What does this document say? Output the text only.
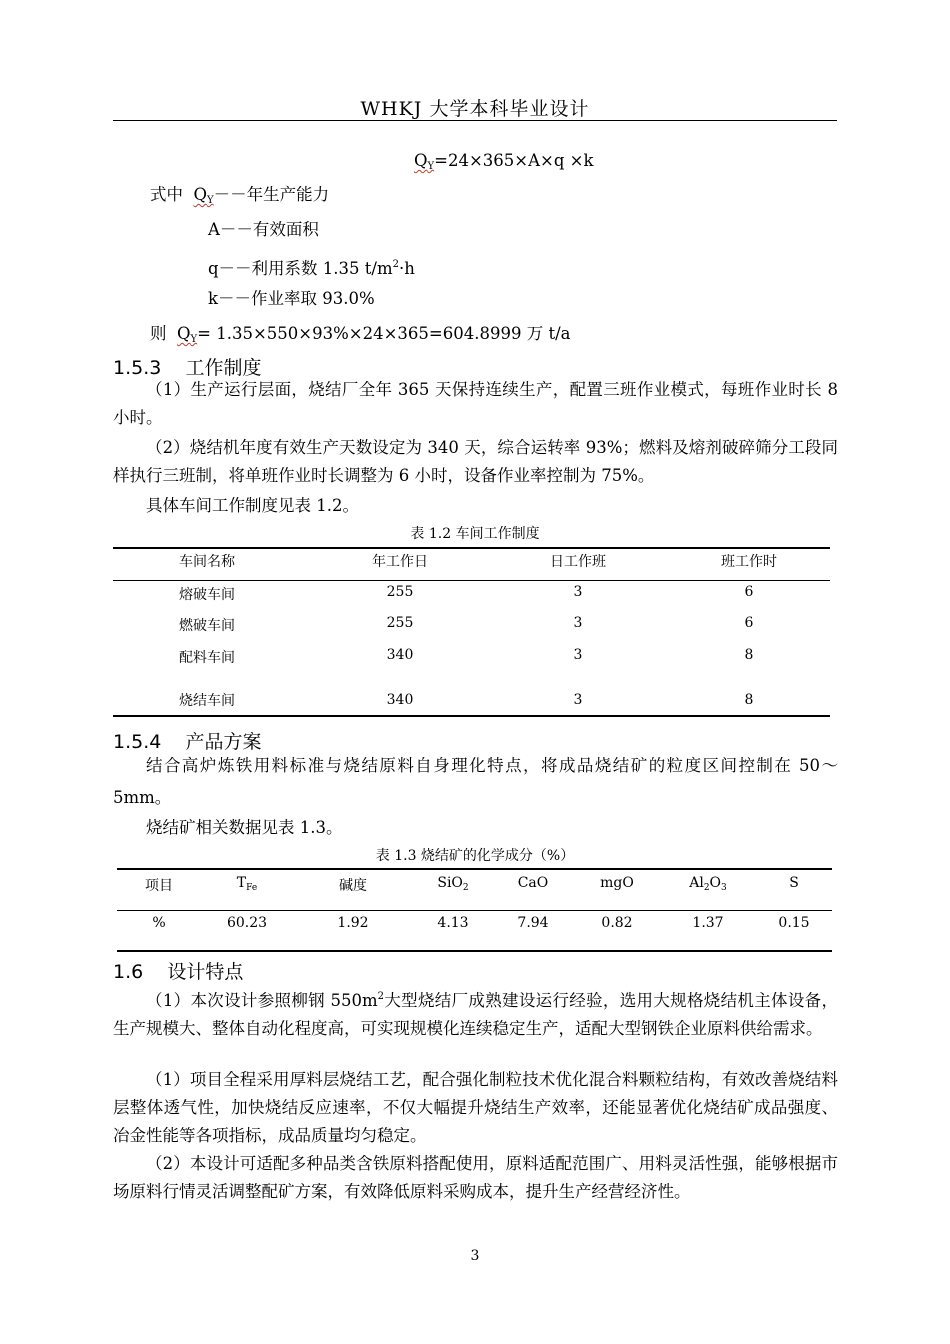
WHKJ 大学本科毕业设计
$Q_Y=24\times 365\times A\times q \times k$
式中 $Q_Y--$年生产能力
A－－有效面积
q－－利用系数 1.35 $t/m^2\cdot h$
k－－作业率取 93.0%
则 $Q_Y= 1.35\times 550\times 93\%\times 24\times 365=604.8999$ 万 t/a
1.5.3 工作制度
（1）生产运行层面，烧结厂全年 365 天保持连续生产，配置三班作业模式，每班作业时长 8 小时。
（2）烧结机年度有效生产天数设定为 340 天，综合运转率 93%；燃料及熔剂破碎筛分工段同样执行三班制，将单班作业时长调整为 6 小时，设备作业率控制为 75%。
具体车间工作制度见表 1.2。
表 1.2 车间工作制度
车间名称	年工作日	日工作班	班工作时
熔破车间	255	3	6
燃破车间	255	3	6
配料车间	340	3	8
烧结车间	340	3	8
1.5.4 产品方案
结合高炉炼铁用料标准与烧结原料自身理化特点，将成品烧结矿的粒度区间控制在 50～5mm。
烧结矿相关数据见表 1.3。
表 1.3 烧结矿的化学成分（%）
项目	$T_{Fe}$	碱度	SiO$_2$	CaO	mgO	$Al_2O_3$	S
%	60.23	1.92	4.13	7.94	0.82	1.37	0.15
1.6 设计特点
（1）本次设计参照柳钢 $550m^2$大型烧结厂成熟建设运行经验，选用大规格烧结机主体设备，生产规模大、整体自动化程度高，可实现规模化连续稳定生产，适配大型钢铁企业原料供给需求。
（1）项目全程采用厚料层烧结工艺，配合强化制粒技术优化混合料颗粒结构，有效改善烧结料层整体透气性，加快烧结反应速率，不仅大幅提升烧结生产效率，还能显著优化烧结矿成品强度、冶金性能等各项指标，成品质量均匀稳定。
（2）本设计可适配多种品类含铁原料搭配使用，原料适配范围广、用料灵活性强，能够根据市场原料行情灵活调整配矿方案，有效降低原料采购成本，提升生产经营经济性。
3
